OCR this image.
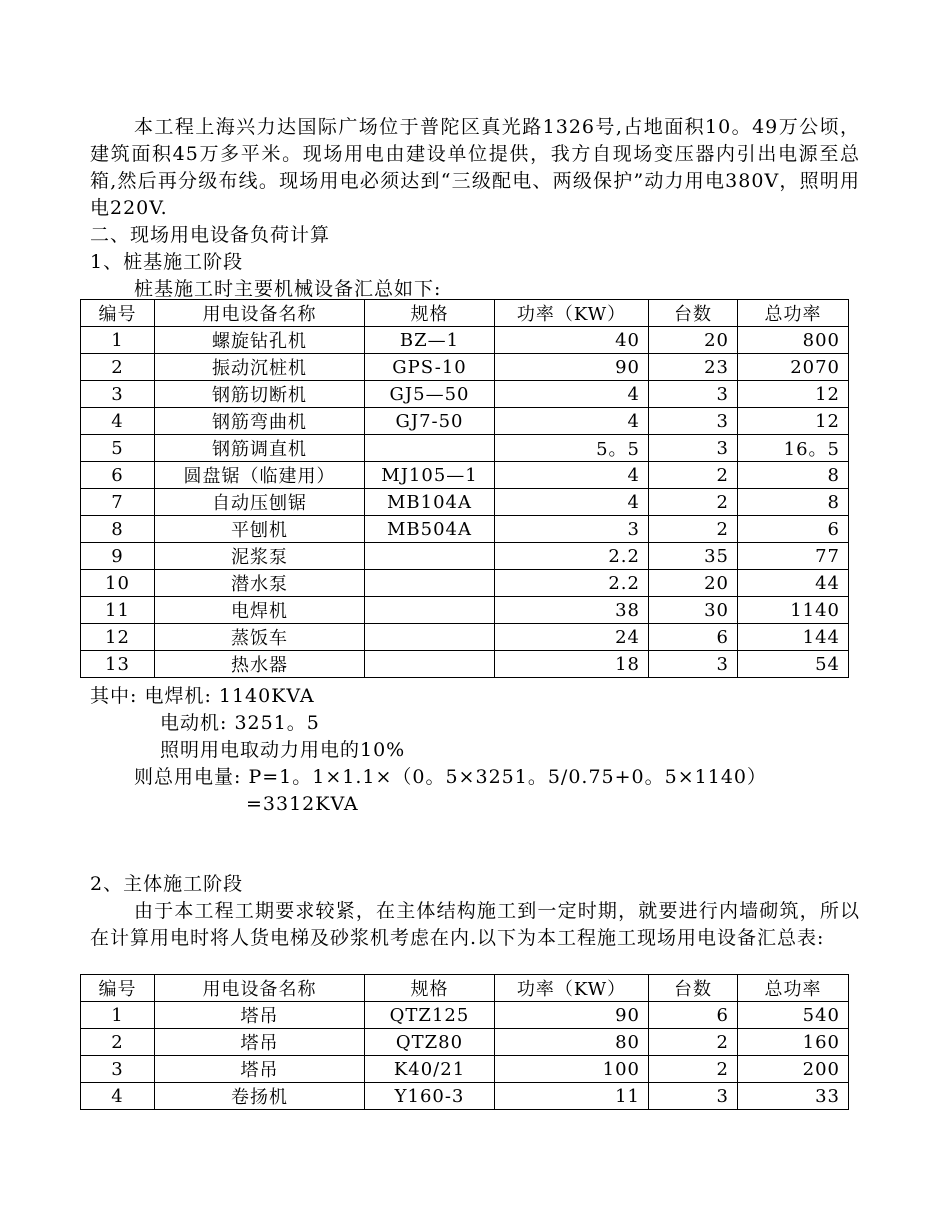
本工程上海兴力达国际广场位于普陀区真光路1326号,占地面积10。49万公顷，建筑面积45万多平米。现场用电由建设单位提供，我方自现场变压器内引出电源至总箱,然后再分级布线。现场用电必须达到“三级配电、两级保护”动力用电380V，照明用电220V.
二、现场用电设备负荷计算
1、桩基施工阶段
桩基施工时主要机械设备汇总如下:
编号	用电设备名称	规格	功率（KW）	台数	总功率
1	螺旋钻孔机	BZ—1	40	20	800
2	振动沉桩机	GPS-10	90	23	2070
3	钢筋切断机	GJ5—50	4	3	12
4	钢筋弯曲机	GJ7-50	4	3	12
5	钢筋调直机		5。5	3	16。5
6	圆盘锯（临建用）	MJ105—1	4	2	8
7	自动压刨锯	MB104A	4	2	8
8	平刨机	MB504A	3	2	6
9	泥浆泵		2.2	35	77
10	潜水泵		2.2	20	44
11	电焊机		38	30	1140
12	蒸饭车		24	6	144
13	热水器		18	3	54
其中: 电焊机: 1140KVA
电动机: 3251。5
照明用电取动力用电的10%
则总用电量: P=1。1×1.1×（0。5×3251。5/0.75+0。5×1140）
=3312KVA
2、主体施工阶段
由于本工程工期要求较紧，在主体结构施工到一定时期，就要进行内墙砌筑，所以在计算用电时将人货电梯及砂浆机考虑在内.以下为本工程施工现场用电设备汇总表:
编号	用电设备名称	规格	功率（KW）	台数	总功率
1	塔吊	QTZ125	90	6	540
2	塔吊	QTZ80	80	2	160
3	塔吊	K40/21	100	2	200
4	卷扬机	Y160-3	11	3	33
